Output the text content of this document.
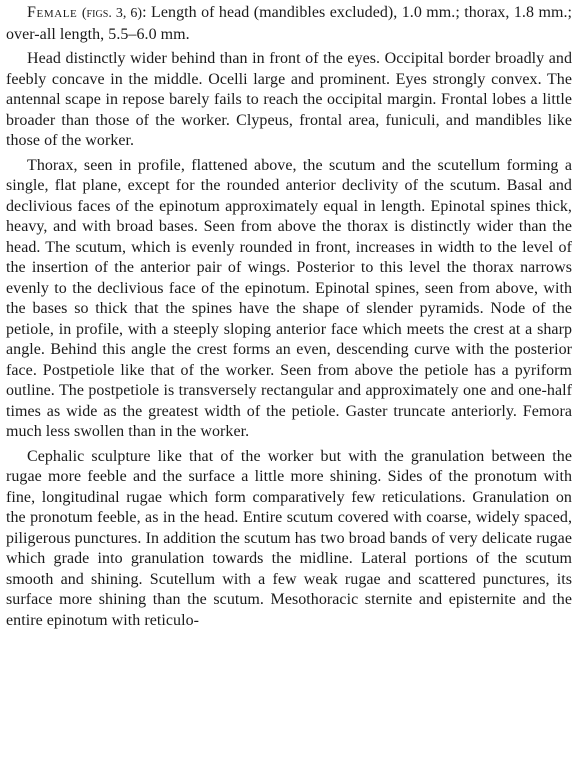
Female (figs. 3, 6): Length of head (mandibles excluded), 1.0 mm.; thorax, 1.8 mm.; over-all length, 5.5–6.0 mm.

Head distinctly wider behind than in front of the eyes. Occipital border broadly and feebly concave in the middle. Ocelli large and prominent. Eyes strongly convex. The antennal scape in repose barely fails to reach the occipital margin. Frontal lobes a little broader than those of the worker. Clypeus, frontal area, funiculi, and mandibles like those of the worker.

Thorax, seen in profile, flattened above, the scutum and the scutellum forming a single, flat plane, except for the rounded anterior declivity of the scutum. Basal and declivious faces of the epinotum approximately equal in length. Epinotal spines thick, heavy, and with broad bases. Seen from above the thorax is distinctly wider than the head. The scutum, which is evenly rounded in front, increases in width to the level of the insertion of the anterior pair of wings. Posterior to this level the thorax narrows evenly to the declivious face of the epinotum. Epinotal spines, seen from above, with the bases so thick that the spines have the shape of slender pyramids. Node of the petiole, in profile, with a steeply sloping anterior face which meets the crest at a sharp angle. Behind this angle the crest forms an even, descending curve with the posterior face. Postpetiole like that of the worker. Seen from above the petiole has a pyriform outline. The postpetiole is transversely rectangular and approximately one and one-half times as wide as the greatest width of the petiole. Gaster truncate anteriorly. Femora much less swollen than in the worker.

Cephalic sculpture like that of the worker but with the granulation between the rugae more feeble and the surface a little more shining. Sides of the pronotum with fine, longitudinal rugae which form comparatively few reticulations. Granulation on the pronotum feeble, as in the head. Entire scutum covered with coarse, widely spaced, piligerous punctures. In addition the scutum has two broad bands of very delicate rugae which grade into granulation towards the midline. Lateral portions of the scutum smooth and shining. Scutellum with a few weak rugae and scattered punctures, its surface more shining than the scutum. Mesothoracic sternite and episternite and the entire epinotum with reticulo-
